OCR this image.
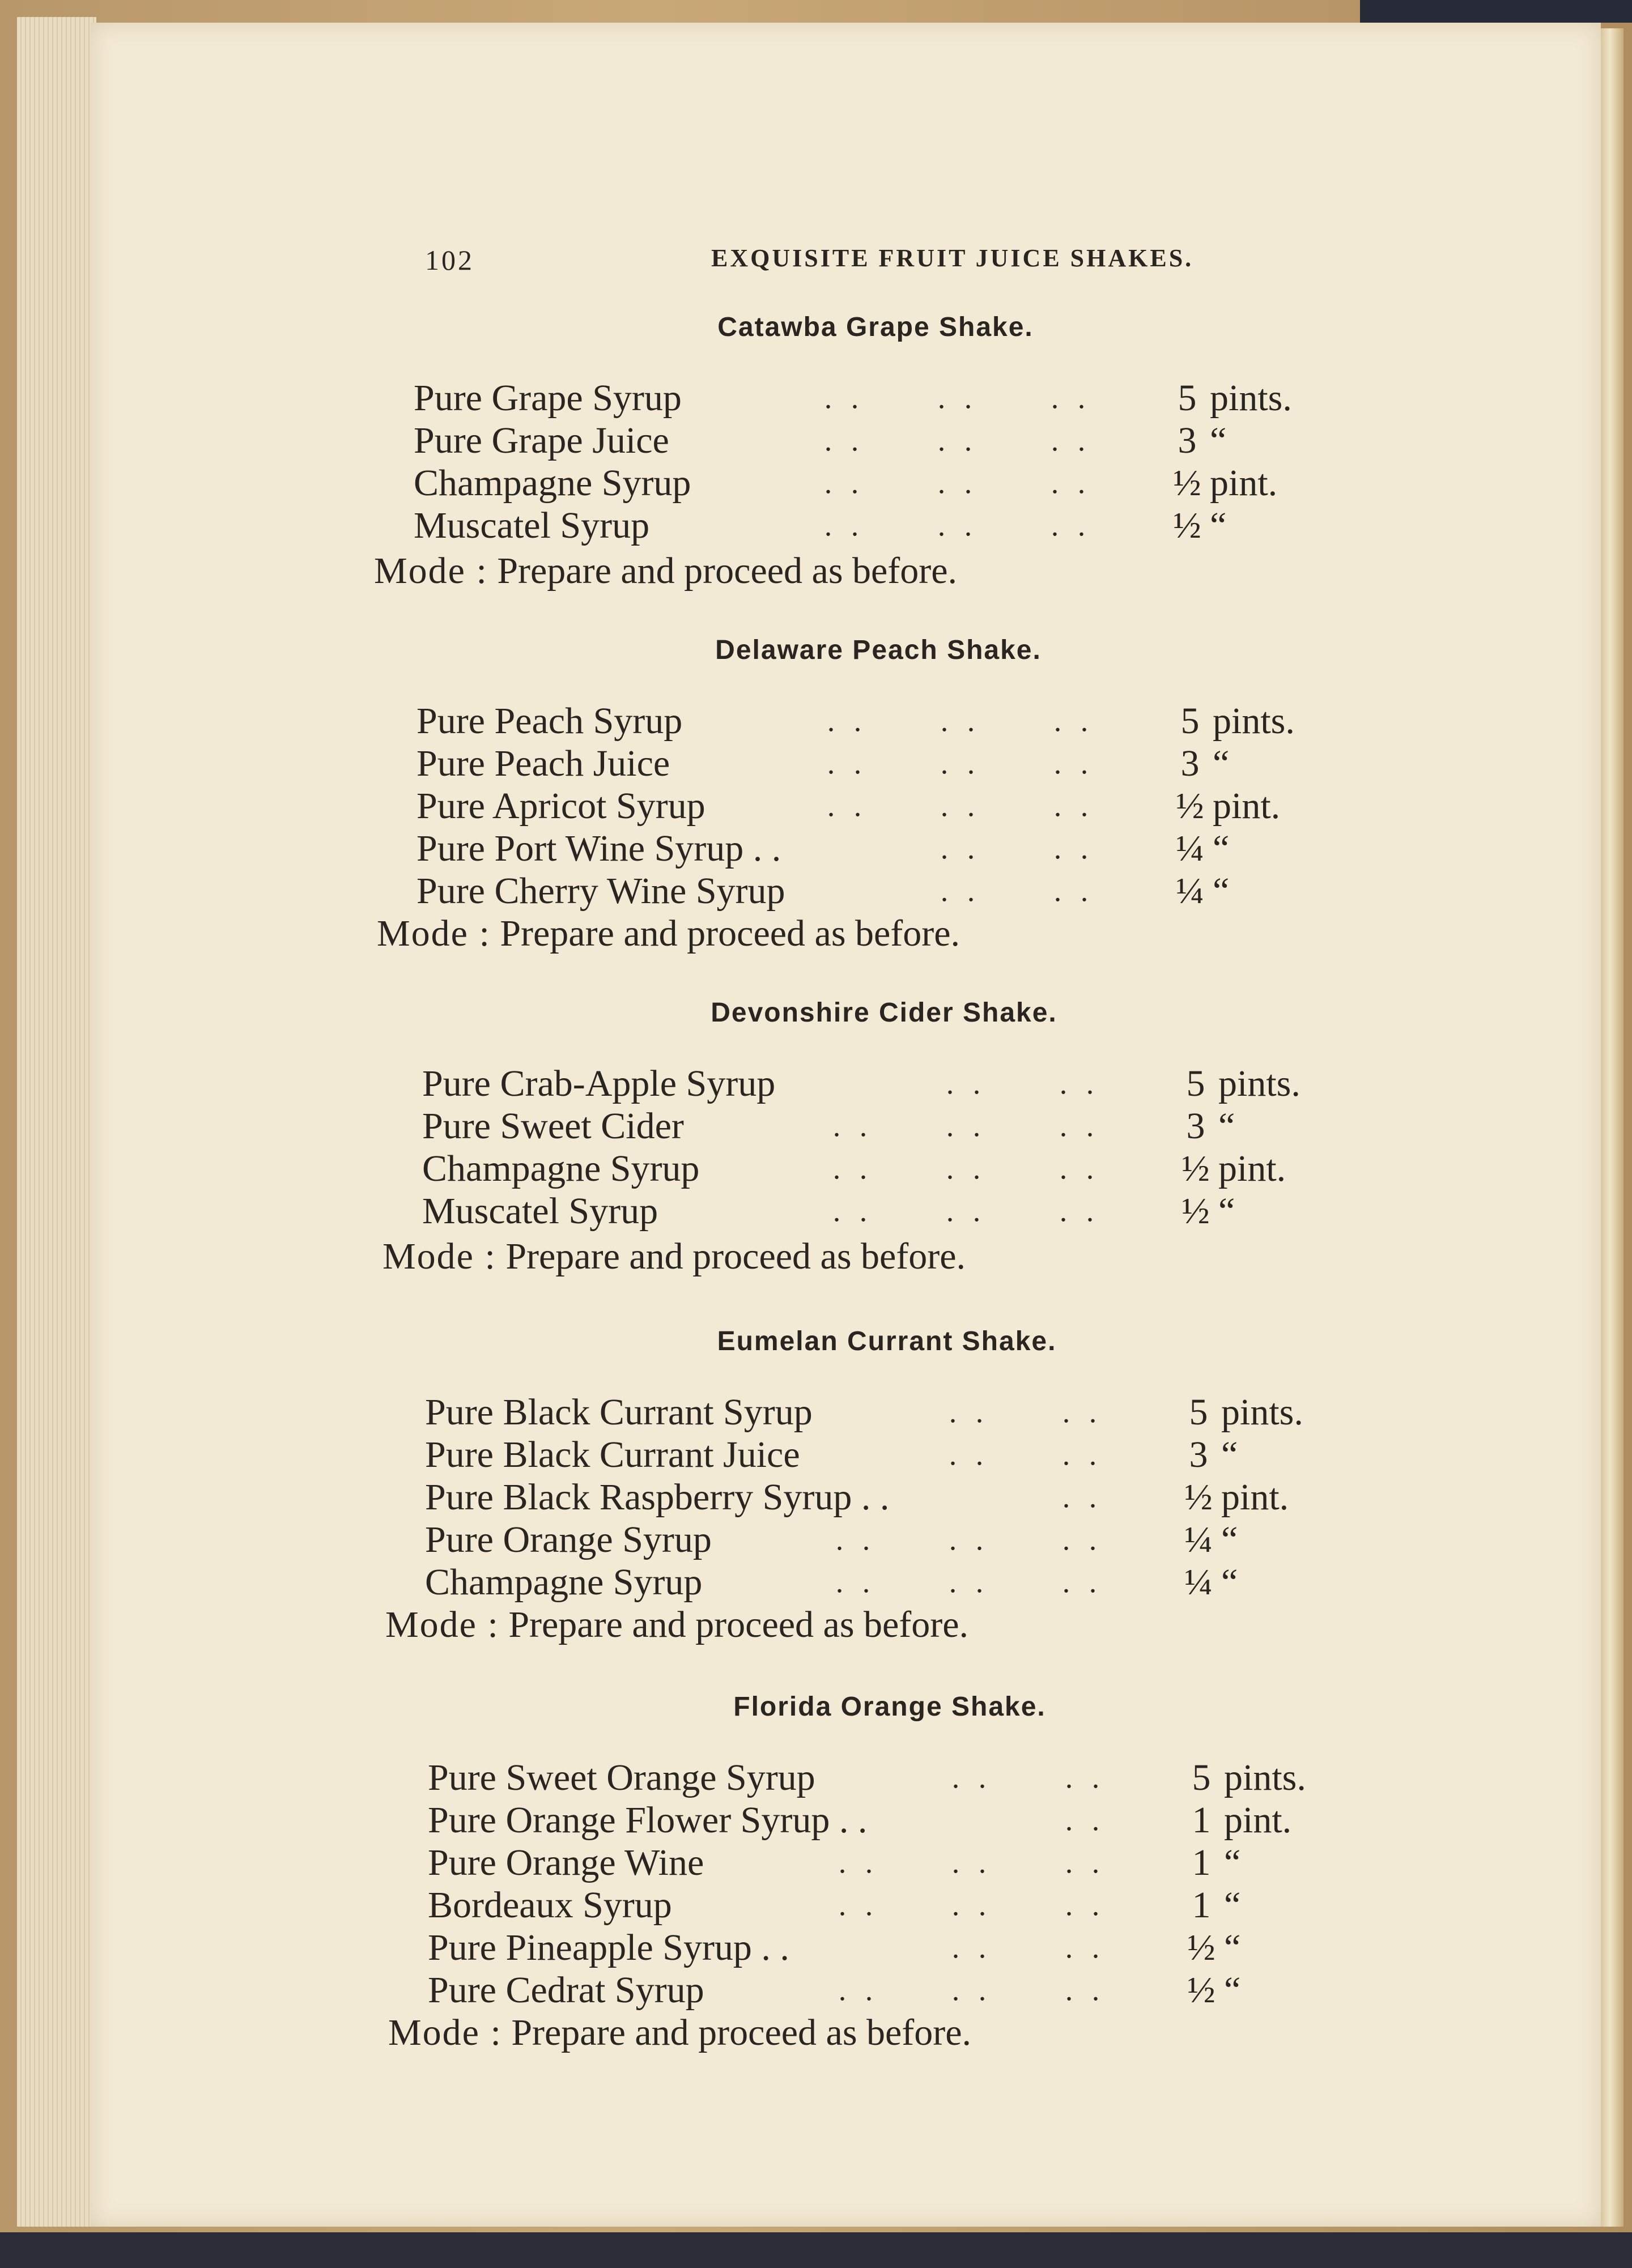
102	EXQUISITE FRUIT JUICE SHAKES.
Catawba Grape Shake.
Pure Grape Syrup	. . . . . . 5 pints.
Pure Grape Juice	. . . . . . 3 “
Champagne Syrup	. . . . . . ½ pint.
Muscatel Syrup	. . . . . . ½ “
Mode : Prepare and proceed as before.
Delaware Peach Shake.
Pure Peach Syrup	. . . . . . 5 pints.
Pure Peach Juice	. . . . . . 3 “
Pure Apricot Syrup	. . . . . . ½ pint.
Pure Port Wine Syrup . .	. . . . ¼ “
Pure Cherry Wine Syrup	. . . . ¼ “
Mode : Prepare and proceed as before.
Devonshire Cider Shake.
Pure Crab-Apple Syrup	. . . . 5 pints.
Pure Sweet Cider	. . . . . . 3 “
Champagne Syrup	. . . . . . ½ pint.
Muscatel Syrup	. . . . . . ½ “
Mode : Prepare and proceed as before.
Eumelan Currant Shake.
Pure Black Currant Syrup	. . . . 5 pints.
Pure Black Currant Juice	. . . . 3 “
Pure Black Raspberry Syrup . .	. . ½ pint.
Pure Orange Syrup	. . . . . . ¼ “
Champagne Syrup	. . . . . . ¼ “
Mode : Prepare and proceed as before.
Florida Orange Shake.
Pure Sweet Orange Syrup	. . . . 5 pints.
Pure Orange Flower Syrup . .	. . 1 pint.
Pure Orange Wine	. . . . . . 1 “
Bordeaux Syrup	. . . . . . 1 “
Pure Pineapple Syrup . .	. . . . ½ “
Pure Cedrat Syrup	. . . . . . ½ “
Mode : Prepare and proceed as before.
